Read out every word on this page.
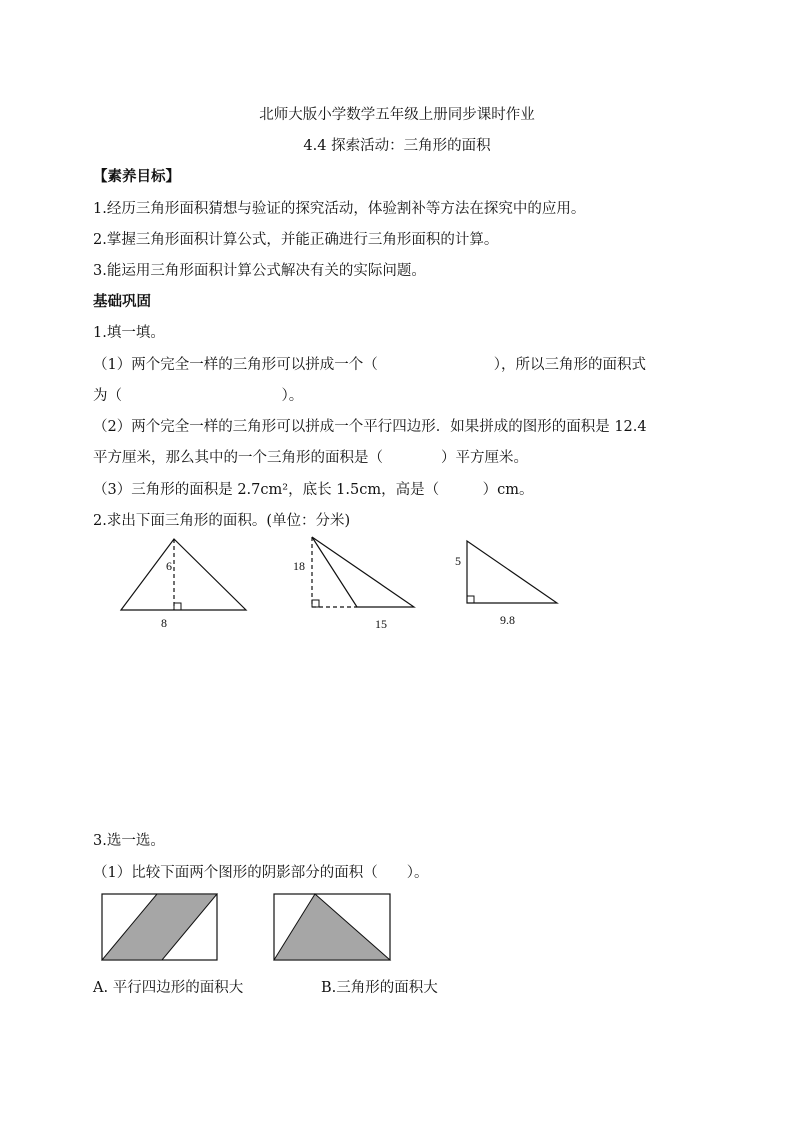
北师大版小学数学五年级上册同步课时作业
4.4 探索活动：三角形的面积
【素养目标】
1.经历三角形面积猜想与验证的探究活动，体验割补等方法在探究中的应用。
2.掌握三角形面积计算公式，并能正确进行三角形面积的计算。
3.能运用三角形面积计算公式解决有关的实际问题。
基础巩固
1.填一填。
（1）两个完全一样的三角形可以拼成一个（　　　　　　　　），所以三角形的面积式
为（　　　　　　　　　　　）。
（2）两个完全一样的三角形可以拼成一个平行四边形．如果拼成的图形的面积是 12.4
平方厘米，那么其中的一个三角形的面积是（　　　　）平方厘米。
（3）三角形的面积是 2.7cm²，底长 1.5cm，高是（　　　）cm。
2.求出下面三角形的面积。(单位：分米)
6
8
18
15
5
9.8
3.选一选。
（1）比较下面两个图形的阴影部分的面积（　　）。
A. 平行四边形的面积大	B.三角形的面积大
